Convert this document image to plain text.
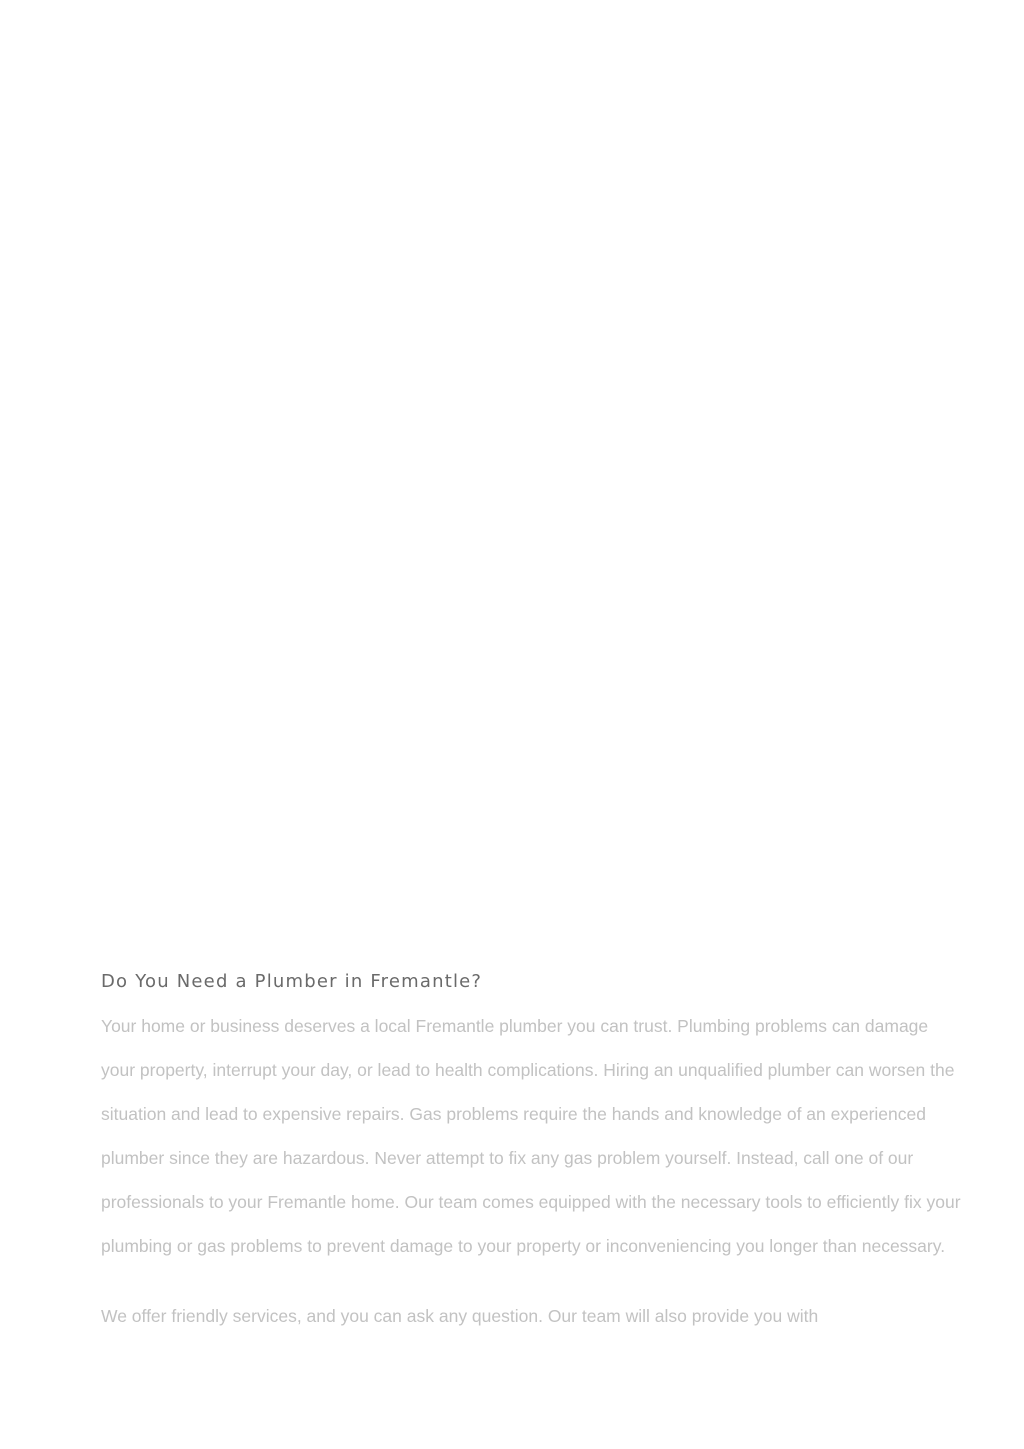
Do You Need a Plumber in Fremantle?

Your home or business deserves a local Fremantle plumber you can trust. Plumbing problems can damage your property, interrupt your day, or lead to health complications. Hiring an unqualified plumber can worsen the situation and lead to expensive repairs. Gas problems require the hands and knowledge of an experienced plumber since they are hazardous. Never attempt to fix any gas problem yourself. Instead, call one of our professionals to your Fremantle home. Our team comes equipped with the necessary tools to efficiently fix your plumbing or gas problems to prevent damage to your property or inconveniencing you longer than necessary.

We offer friendly services, and you can ask any question. Our team will also provide you with
